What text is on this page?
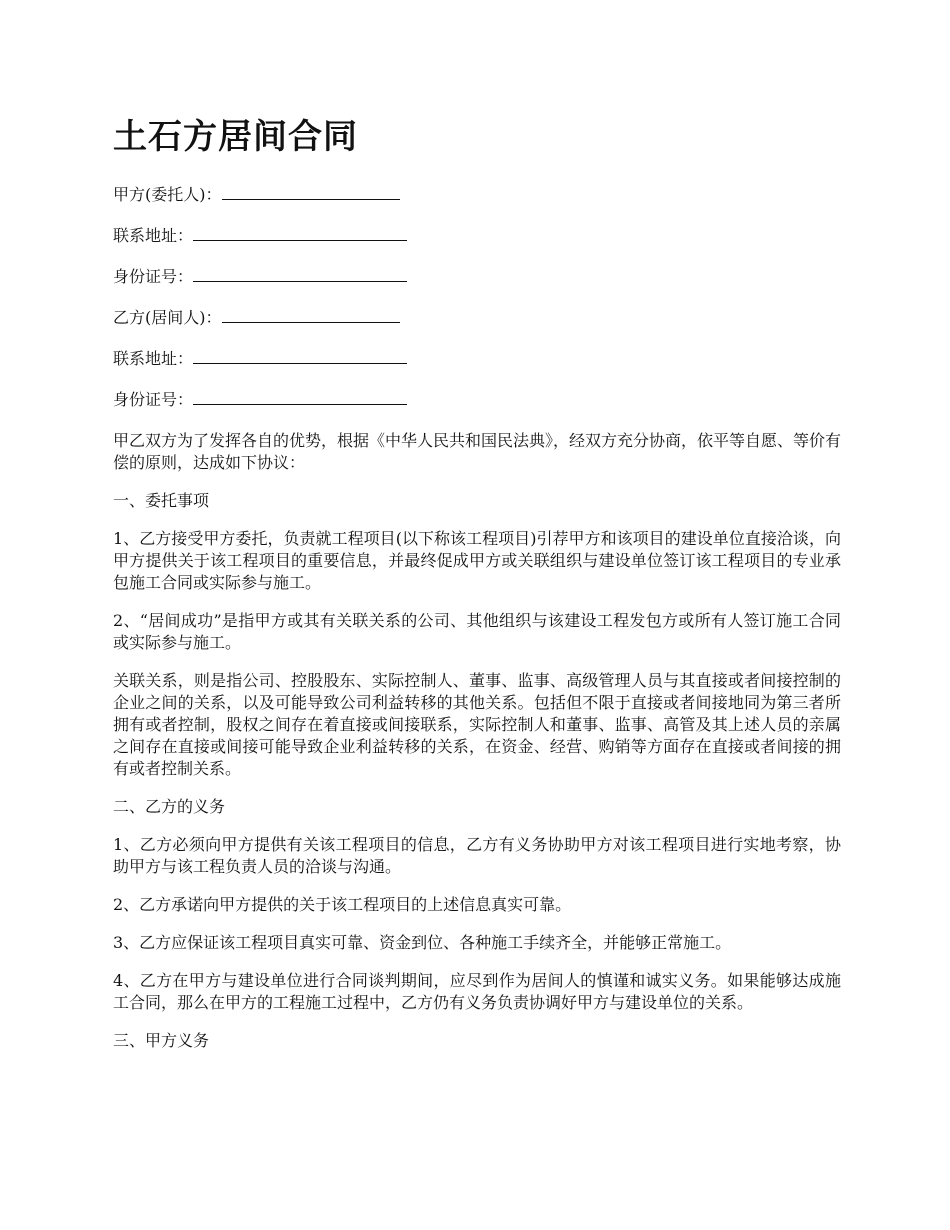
土石方居间合同
甲方(委托人)：
联系地址：
身份证号：
乙方(居间人)：
联系地址：
身份证号：

甲乙双方为了发挥各自的优势，根据《中华人民共和国民法典》，经双方充分协商，依平等自愿、等价有偿的原则，达成如下协议：

一、委托事项

1、乙方接受甲方委托，负责就工程项目(以下称该工程项目)引荐甲方和该项目的建设单位直接洽谈，向甲方提供关于该工程项目的重要信息，并最终促成甲方或关联组织与建设单位签订该工程项目的专业承包施工合同或实际参与施工。

2、“居间成功”是指甲方或其有关联关系的公司、其他组织与该建设工程发包方或所有人签订施工合同或实际参与施工。

关联关系，则是指公司、控股股东、实际控制人、董事、监事、高级管理人员与其直接或者间接控制的企业之间的关系，以及可能导致公司利益转移的其他关系。包括但不限于直接或者间接地同为第三者所拥有或者控制，股权之间存在着直接或间接联系，实际控制人和董事、监事、高管及其上述人员的亲属之间存在直接或间接可能导致企业利益转移的关系，在资金、经营、购销等方面存在直接或者间接的拥有或者控制关系。

二、乙方的义务

1、乙方必须向甲方提供有关该工程项目的信息，乙方有义务协助甲方对该工程项目进行实地考察，协助甲方与该工程负责人员的洽谈与沟通。

2、乙方承诺向甲方提供的关于该工程项目的上述信息真实可靠。

3、乙方应保证该工程项目真实可靠、资金到位、各种施工手续齐全，并能够正常施工。

4、乙方在甲方与建设单位进行合同谈判期间，应尽到作为居间人的慎谨和诚实义务。如果能够达成施工合同，那么在甲方的工程施工过程中，乙方仍有义务负责协调好甲方与建设单位的关系。

三、甲方义务
